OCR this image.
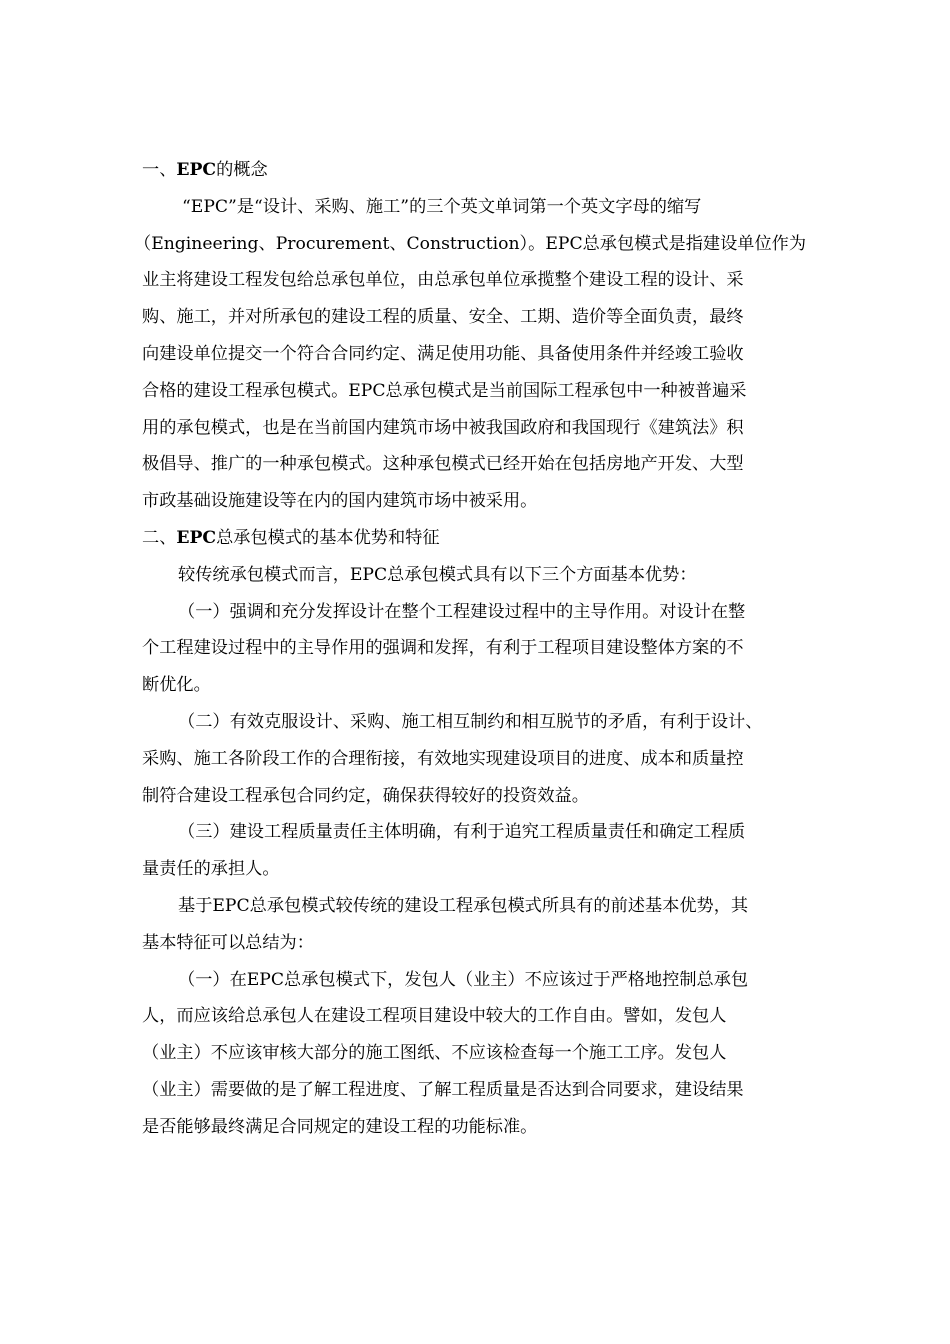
一、EPC的概念
“EPC”是“设计、采购、施工”的三个英文单词第一个英文字母的缩写
（Engineering、Procurement、Construction）。EPC总承包模式是指建设单位作为
业主将建设工程发包给总承包单位，由总承包单位承揽整个建设工程的设计、采
购、施工，并对所承包的建设工程的质量、安全、工期、造价等全面负责，最终
向建设单位提交一个符合合同约定、满足使用功能、具备使用条件并经竣工验收
合格的建设工程承包模式。EPC总承包模式是当前国际工程承包中一种被普遍采
用的承包模式，也是在当前国内建筑市场中被我国政府和我国现行《建筑法》积
极倡导、推广的一种承包模式。这种承包模式已经开始在包括房地产开发、大型
市政基础设施建设等在内的国内建筑市场中被采用。
二、EPC总承包模式的基本优势和特征
较传统承包模式而言，EPC总承包模式具有以下三个方面基本优势：
（一）强调和充分发挥设计在整个工程建设过程中的主导作用。对设计在整
个工程建设过程中的主导作用的强调和发挥，有利于工程项目建设整体方案的不
断优化。
（二）有效克服设计、采购、施工相互制约和相互脱节的矛盾，有利于设计、
采购、施工各阶段工作的合理衔接，有效地实现建设项目的进度、成本和质量控
制符合建设工程承包合同约定，确保获得较好的投资效益。
（三）建设工程质量责任主体明确，有利于追究工程质量责任和确定工程质
量责任的承担人。
基于EPC总承包模式较传统的建设工程承包模式所具有的前述基本优势，其
基本特征可以总结为：
（一）在EPC总承包模式下，发包人（业主）不应该过于严格地控制总承包
人，而应该给总承包人在建设工程项目建设中较大的工作自由。譬如，发包人
（业主）不应该审核大部分的施工图纸、不应该检查每一个施工工序。发包人
（业主）需要做的是了解工程进度、了解工程质量是否达到合同要求，建设结果
是否能够最终满足合同规定的建设工程的功能标准。
